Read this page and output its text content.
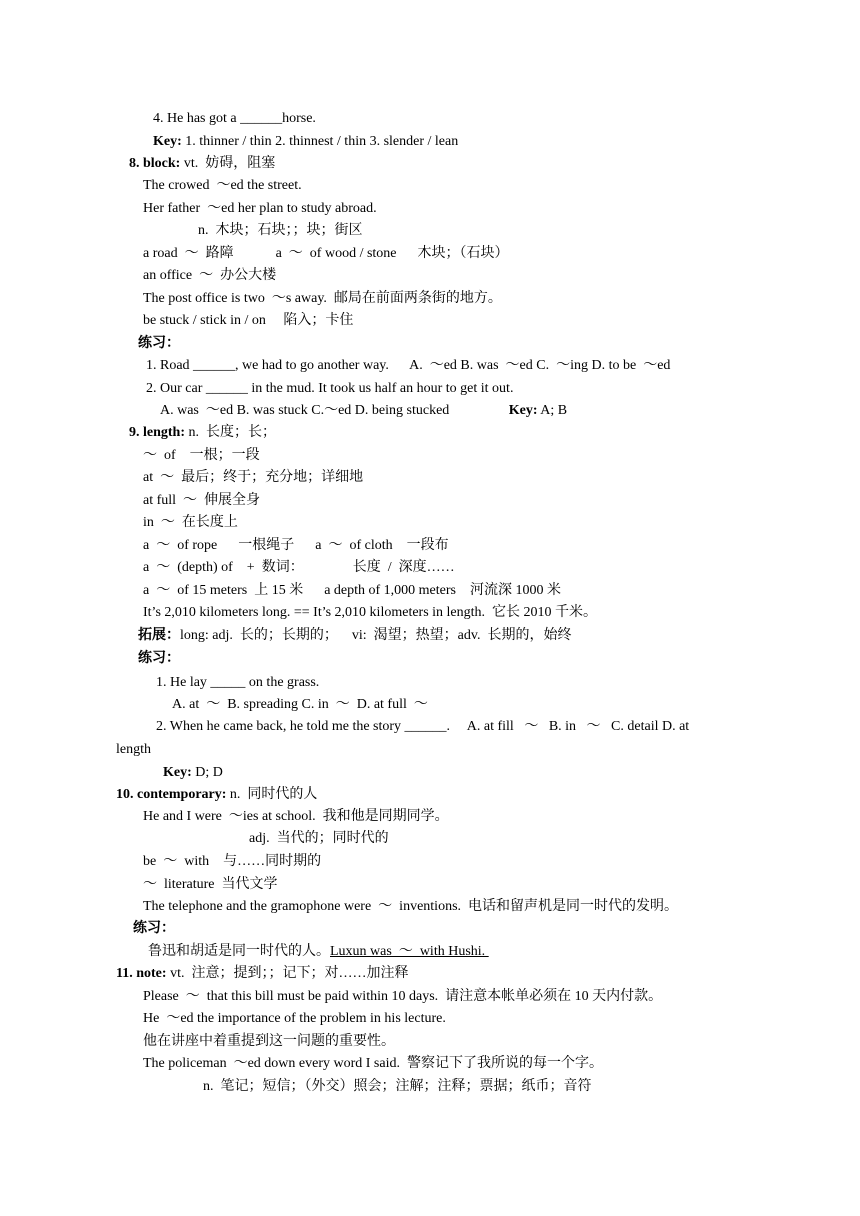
4. He has got a ______horse.
Key: 1. thinner / thin 2. thinnest / thin 3. slender / lean
8. block: vt.  妨碍，阻塞
The crowed  ～ed the street.
Her father  ～ed her plan to study abroad.
n.  木块；石块；；块；街区
a road  ～  路障            a  ～  of wood / stone      木块；（石块）
an office  ～  办公大楼
The post office is two  ～s away.  邮局在前面两条街的地方。
be stuck / stick in / on     陷入；卡住
练习：
1. Road ______, we had to go another way.      A.  ～ed B. was  ～ed C.  ～ing D. to be  ～ed
2. Our car ______ in the mud. It took us half an hour to get it out.
A. was  ～ed B. was stuck C.～ed D. being stucked                 Key: A; B
9. length: n.  长度；长；
～  of    一根；一段
at  ～  最后；终于；充分地；详细地
at full  ～  伸展全身
in  ～  在长度上
a  ～  of rope      一根绳子      a  ～  of cloth    一段布
a  ～  (depth) of    +  数词：              长度  /  深度……
a  ～  of 15 meters  上 15 米      a depth of 1,000 meters    河流深 1000 米
It’s 2,010 kilometers long. == It’s 2,010 kilometers in length.  它长 2010 千米。
拓展：long: adj.  长的；长期的；    vi:  渴望；热望；adv.  长期的，始终
练习：
1. He lay _____ on the grass.
A. at  ～  B. spreading C. in  ～  D. at full  ～
2. When he came back, he told me the story ______.     A. at fill   ～   B. in   ～   C. detail D. at
length
Key: D; D
10. contemporary: n.  同时代的人
He and I were  ～ies at school.  我和他是同期同学。
adj.  当代的；同时代的
be  ～  with    与……同时期的
～  literature  当代文学
The telephone and the gramophone were  ～  inventions.  电话和留声机是同一时代的发明。
练习：
鲁迅和胡适是同一时代的人。Luxun was  ～  with Hushi.
11. note: vt.  注意；提到；；记下；对……加注释
Please  ～  that this bill must be paid within 10 days.  请注意本帐单必须在 10 天内付款。
He  ～ed the importance of the problem in his lecture.
他在讲座中着重提到这一问题的重要性。
The policeman  ～ed down every word I said.  警察记下了我所说的每一个字。
n.  笔记；短信；（外交）照会；注解；注释；票据；纸币；音符
